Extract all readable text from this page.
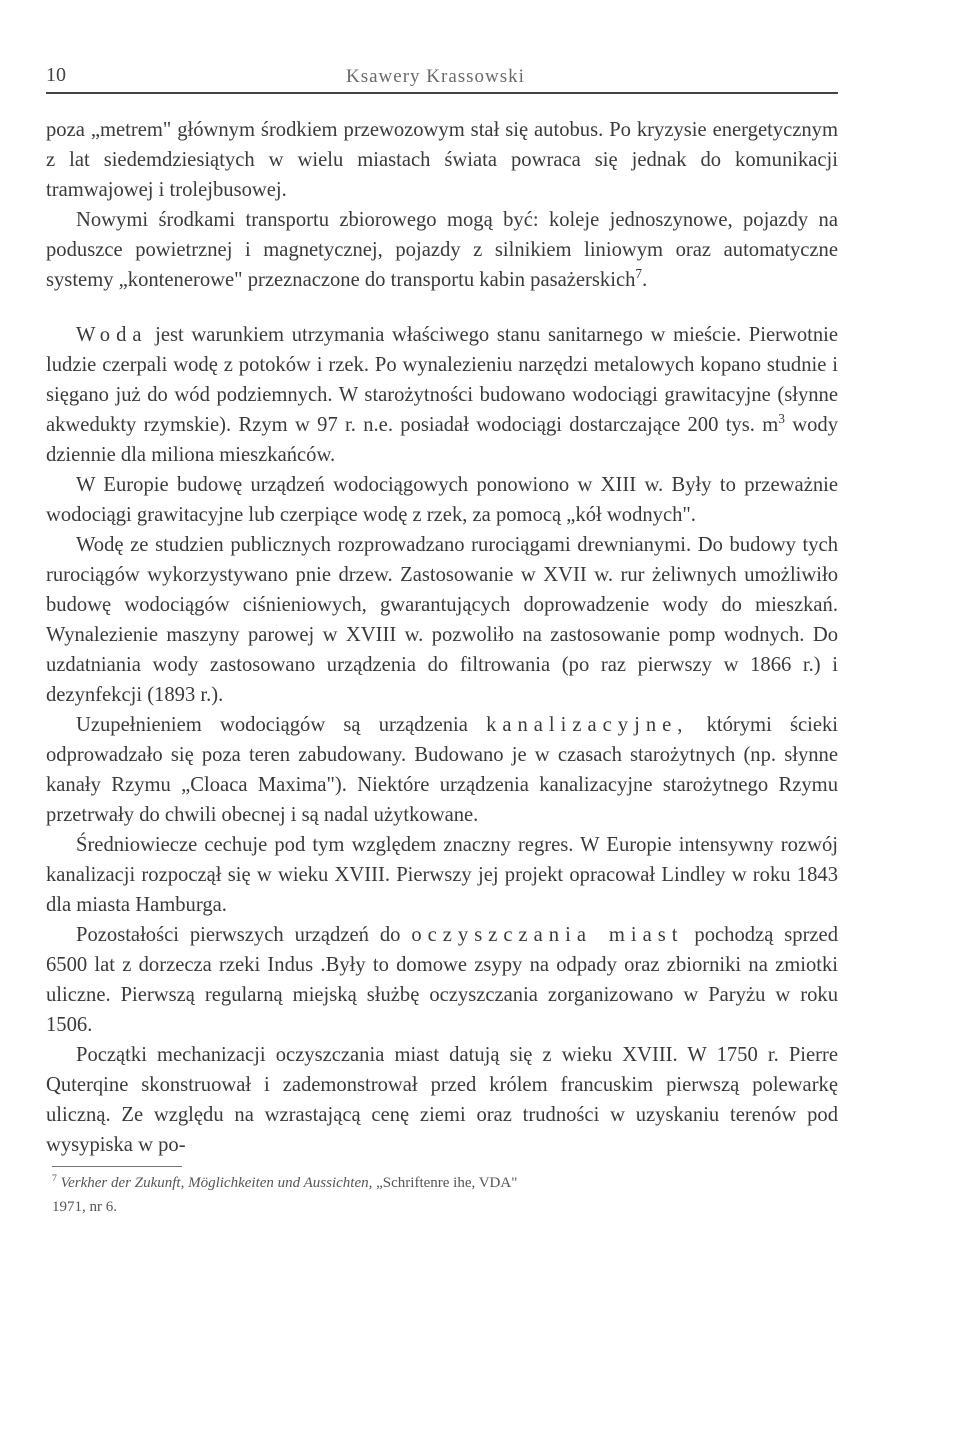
10	Ksawery Krassowski

poza „metrem" głównym środkiem przewozowym stał się autobus. Po kryzysie energetycznym z lat siedemdziesiątych w wielu miastach świata powraca się jednak do komunikacji tramwajowej i trolejbusowej.

Nowymi środkami transportu zbiorowego mogą być: koleje jednoszynowe, pojazdy na poduszce powietrznej i magnetycznej, pojazdy z silnikiem liniowym oraz automatyczne systemy „kontenerowe" przeznaczone do transportu kabin pasażerskich$^7$.

Woda jest warunkiem utrzymania właściwego stanu sanitarnego w mieście. Pierwotnie ludzie czerpali wodę z potoków i rzek. Po wynalezieniu narzędzi metalowych kopano studnie i sięgano już do wód podziemnych. W starożytności budowano wodociągi grawitacyjne (słynne akwedukty rzymskie). Rzym w 97 r. n.e. posiadał wodociągi dostarczające 200 tys. $m^3$ wody dziennie dla miliona mieszkańców.

W Europie budowę urządzeń wodociągowych ponowiono w XIII w. Były to przeważnie wodociągi grawitacyjne lub czerpiące wodę z rzek, za pomocą „kół wodnych".

Wodę ze studzien publicznych rozprowadzano rurociągami drewnianymi. Do budowy tych rurociągów wykorzystywano pnie drzew. Zastosowanie w XVII w. rur żeliwnych umożliwiło budowę wodociągów ciśnieniowych, gwarantujących doprowadzenie wody do mieszkań. Wynalezienie maszyny parowej w XVIII w. pozwoliło na zastosowanie pomp wodnych. Do uzdatniania wody zastosowano urządzenia do filtrowania (po raz pierwszy w 1866 r.) i dezynfekcji (1893 r.).

Uzupełnieniem wodociągów są urządzenia kanalizacyjne, którymi ścieki odprowadzało się poza teren zabudowany. Budowano je w czasach starożytnych (np. słynne kanały Rzymu „Cloaca Maxima"). Niektóre urządzenia kanalizacyjne starożytnego Rzymu przetrwały do chwili obecnej i są nadal użytkowane.

Średniowiecze cechuje pod tym względem znaczny regres. W Europie intensywny rozwój kanalizacji rozpoczął się w wieku XVIII. Pierwszy jej projekt opracował Lindley w roku 1843 dla miasta Hamburga.

Pozostałości pierwszych urządzeń do oczyszczania miast pochodzą sprzed 6500 lat z dorzecza rzeki Indus .Były to domowe zsypy na odpady oraz zbiorniki na zmiotki uliczne. Pierwszą regularną miejską służbę oczyszczania zorganizowano w Paryżu w roku 1506.

Początki mechanizacji oczyszczania miast datują się z wieku XVIII. W 1750 r. Pierre Quterqine skonstruował i zademonstrował przed królem francuskim pierwszą polewarkę uliczną. Ze względu na wzrastającą cenę ziemi oraz trudności w uzyskaniu terenów pod wysypiska w po-

$^7$ Verkher der Zukunft, Möglichkeiten und Aussichten, „Schriftenre ihe, VDA"

1971, nr 6.
